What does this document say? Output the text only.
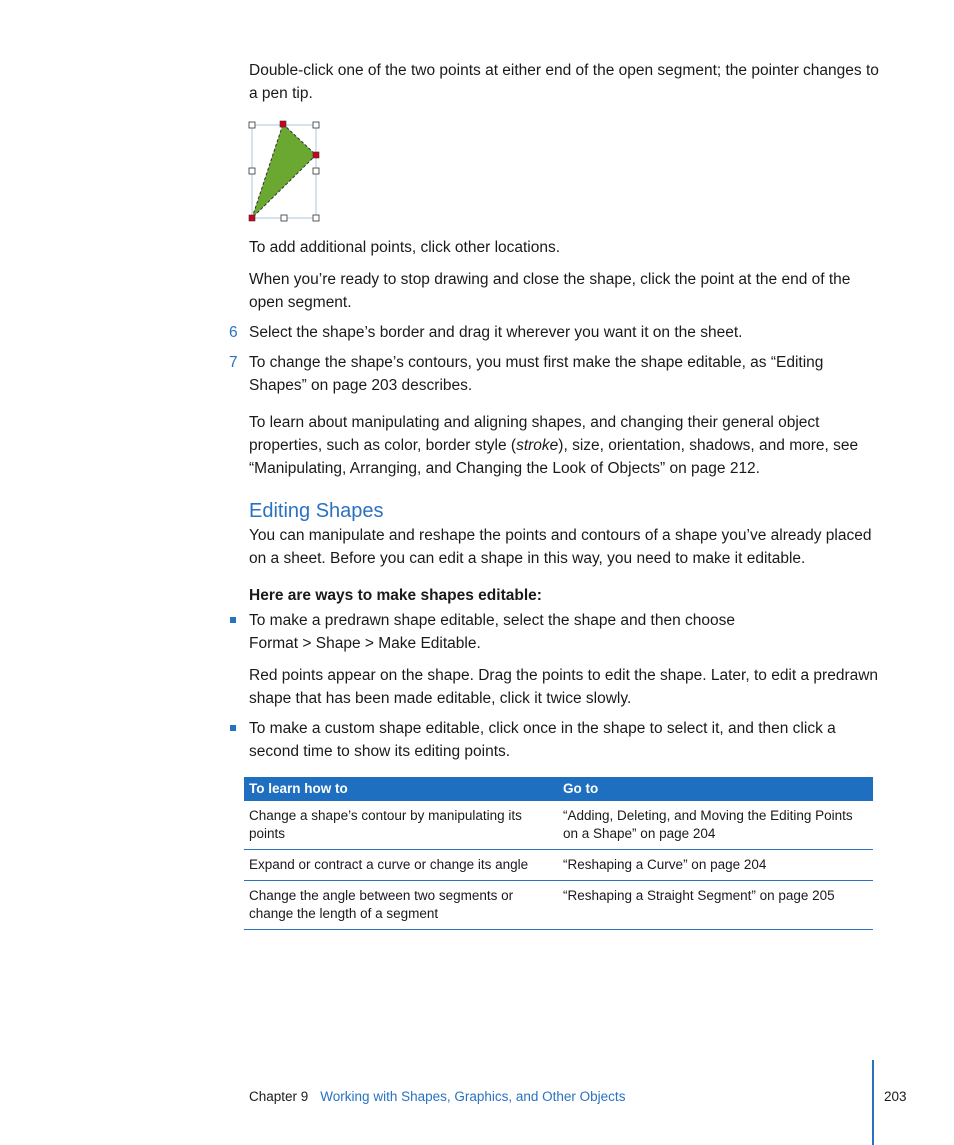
Double-click one of the two points at either end of the open segment; the pointer changes to a pen tip.

To add additional points, click other locations.

When you’re ready to stop drawing and close the shape, click the point at the end of the open segment.

6 Select the shape’s border and drag it wherever you want it on the sheet.

7 To change the shape’s contours, you must first make the shape editable, as “Editing Shapes” on page 203 describes.

To learn about manipulating and aligning shapes, and changing their general object properties, such as color, border style (stroke), size, orientation, shadows, and more, see “Manipulating, Arranging, and Changing the Look of Objects” on page 212.

Editing Shapes

You can manipulate and reshape the points and contours of a shape you’ve already placed on a sheet. Before you can edit a shape in this way, you need to make it editable.

Here are ways to make shapes editable:

To make a predrawn shape editable, select the shape and then choose
Format > Shape > Make Editable.

Red points appear on the shape. Drag the points to edit the shape. Later, to edit a predrawn shape that has been made editable, click it twice slowly.

To make a custom shape editable, click once in the shape to select it, and then click a second time to show its editing points.

To learn how to	Go to
Change a shape’s contour by manipulating its points	“Adding, Deleting, and Moving the Editing Points on a Shape” on page 204
Expand or contract a curve or change its angle	“Reshaping a Curve” on page 204
Change the angle between two segments or change the length of a segment	“Reshaping a Straight Segment” on page 205
Chapter 9 Working with Shapes, Graphics, and Other Objects	203
